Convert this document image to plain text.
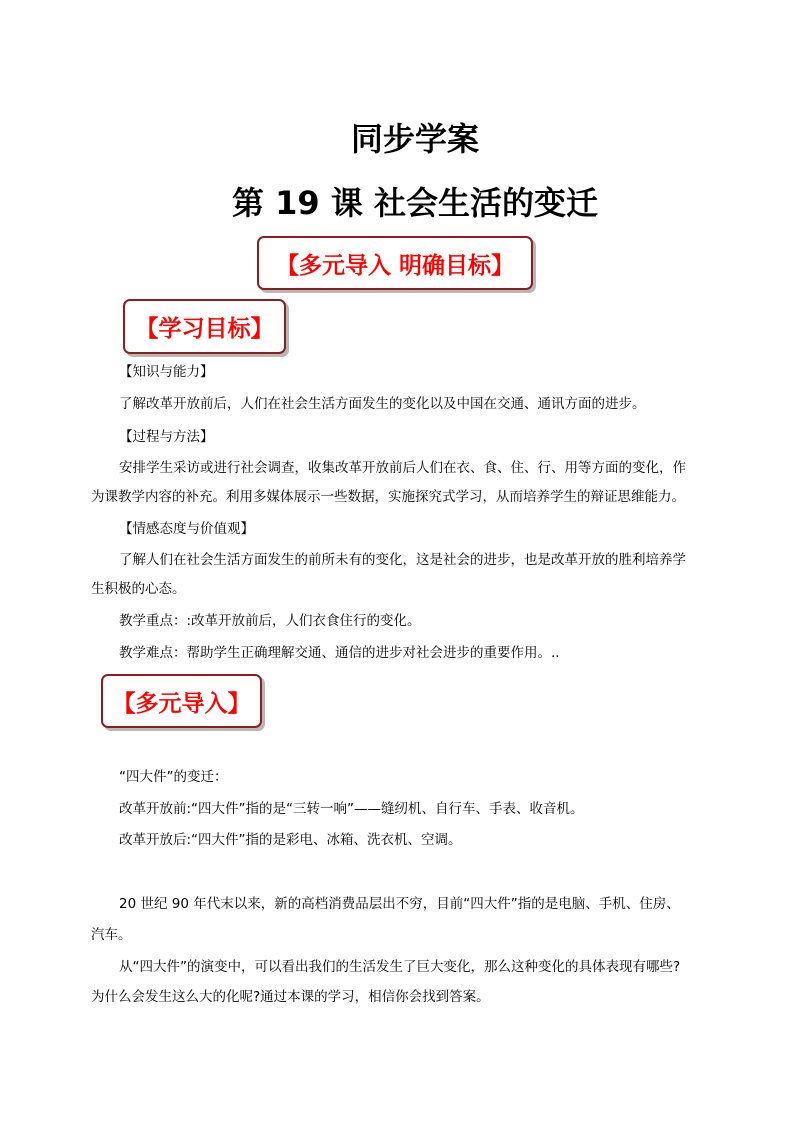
同步学案
第 19 课 社会生活的变迁
【多元导入 明确目标】
【学习目标】
【知识与能力】
了解改革开放前后，人们在社会生活方面发生的变化以及中国在交通、通讯方面的进步。
【过程与方法】
安排学生采访或进行社会调查，收集改革开放前后人们在衣、食、住、行、用等方面的变化，作
为课教学内容的补充。利用多媒体展示一些数据，实施探究式学习，从而培养学生的辩证思维能力。
【情感态度与价值观】
了解人们在社会生活方面发生的前所未有的变化，这是社会的进步，也是改革开放的胜利培养学
生积极的心态。
教学重点：:改革开放前后，人们衣食住行的变化。
教学难点：帮助学生正确理解交通、通信的进步对社会进步的重要作用。..
【多元导入】
“四大件”的变迁：
改革开放前:“四大件”指的是“三转一响”——缝纫机、自行车、手表、收音机。
改革开放后:“四大件”指的是彩电、冰箱、洗衣机、空调。
20 世纪 90 年代末以来，新的高档消费品层出不穷，目前“四大件”指的是电脑、手机、住房、
汽车。
从“四大件”的演变中，可以看出我们的生活发生了巨大变化，那么这种变化的具体表现有哪些?
为什么会发生这么大的化呢?通过本课的学习，相信你会找到答案。
